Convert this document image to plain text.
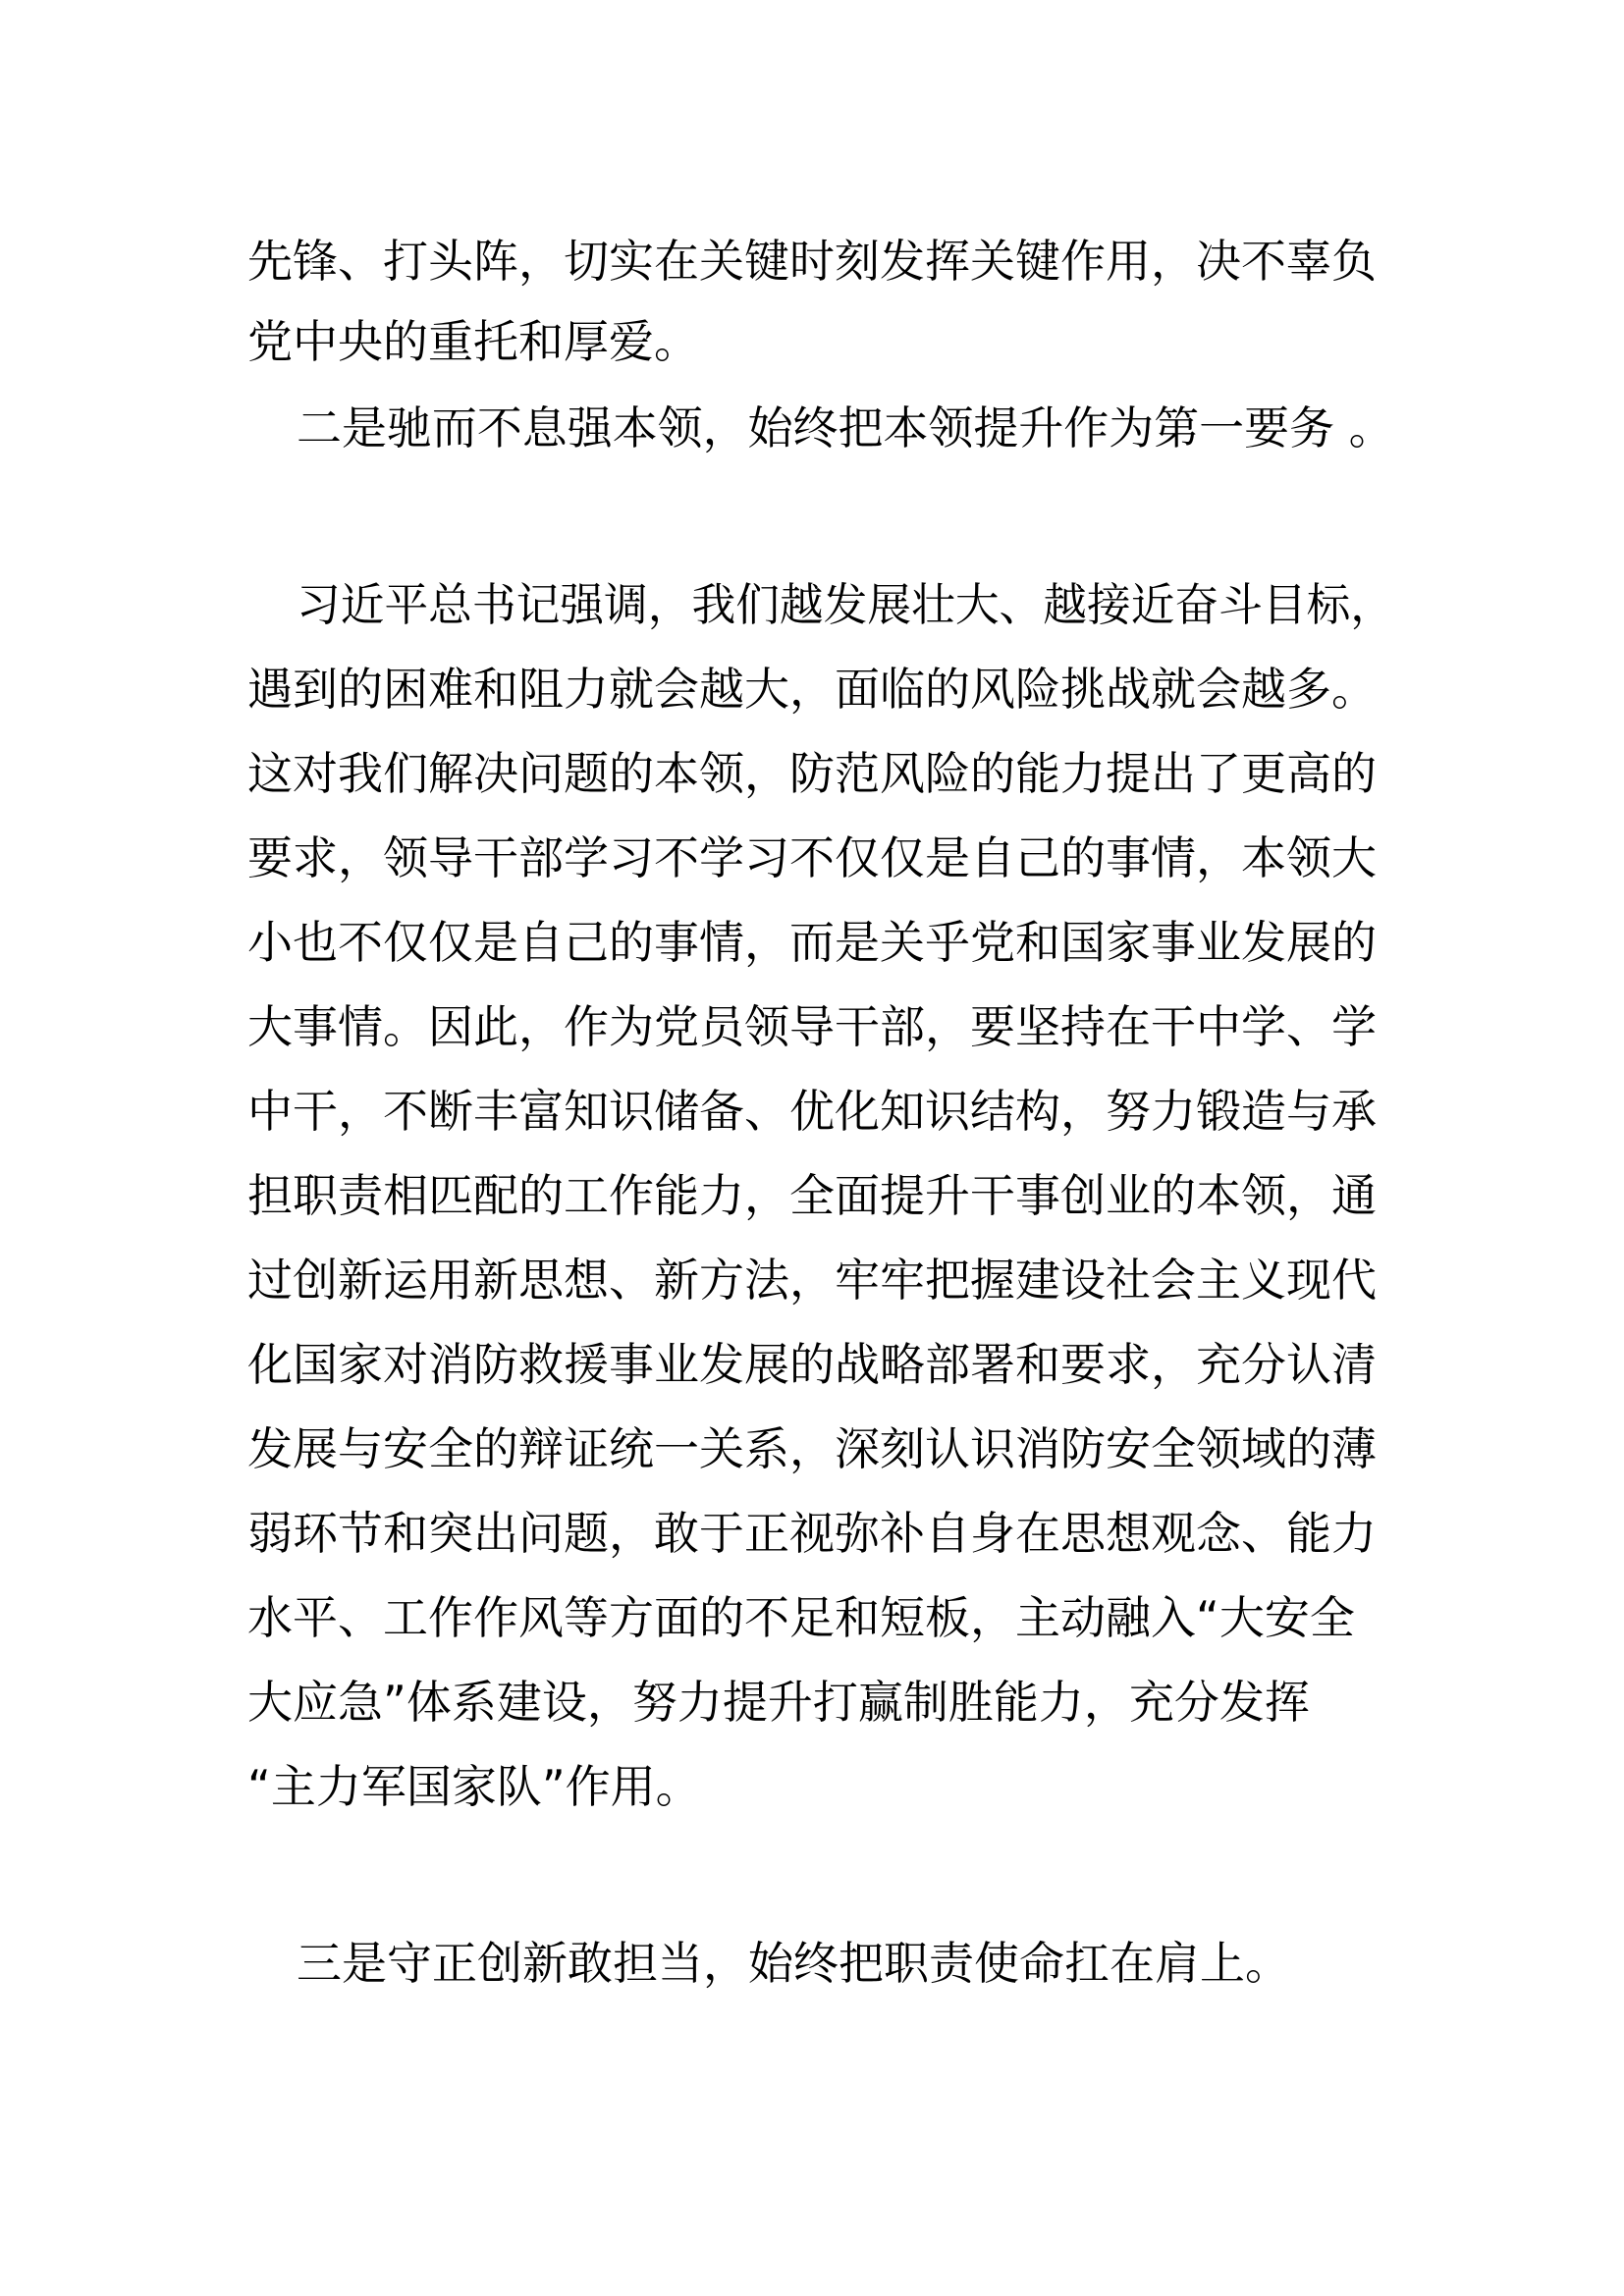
先锋、打头阵，切实在关键时刻发挥关键作用，决不辜负
党中央的重托和厚爱。
二是驰而不息强本领，始终把本领提升作为第一要务 。
习近平总书记强调，我们越发展壮大、越接近奋斗目标，
遇到的困难和阻力就会越大，面临的风险挑战就会越多。
这对我们解决问题的本领，防范风险的能力提出了更高的
要求，领导干部学习不学习不仅仅是自己的事情，本领大
小也不仅仅是自己的事情，而是关乎党和国家事业发展的
大事情。因此，作为党员领导干部，要坚持在干中学、学
中干，不断丰富知识储备、优化知识结构，努力锻造与承
担职责相匹配的工作能力，全面提升干事创业的本领，通
过创新运用新思想、新方法，牢牢把握建设社会主义现代
化国家对消防救援事业发展的战略部署和要求，充分认清
发展与安全的辩证统一关系，深刻认识消防安全领域的薄
弱环节和突出问题，敢于正视弥补自身在思想观念、能力
水平、工作作风等方面的不足和短板，主动融入“大安全
大应急”体系建设，努力提升打赢制胜能力，充分发挥
“主力军国家队”作用。
三是守正创新敢担当，始终把职责使命扛在肩上。
